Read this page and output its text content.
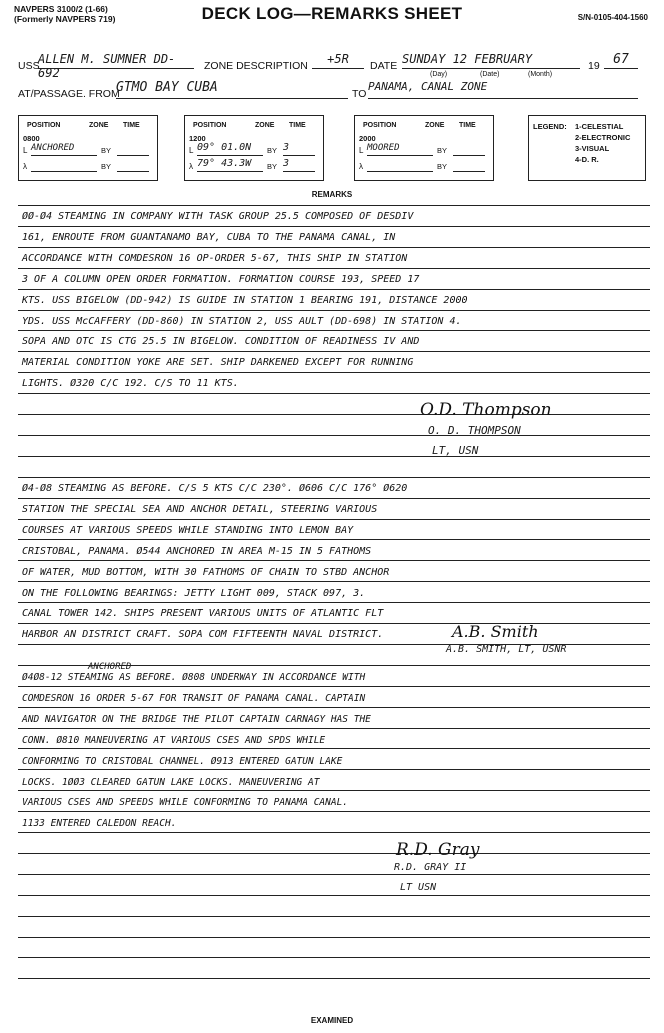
NAVPERS 3100/2 (1-66)
(Formerly NAVPERS 719)	DECK LOG—REMARKS SHEET	S/N-0105-404-1560
USS
ALLEN M. SUMNER DD-692	ZONE DESCRIPTION	+5R	DATE SUNDAY 12 FEBRUARY	19	67
(Day)	(Date)	(Month)
AT/PASSAGE. FROM
GTMO BAY CUBA	TO
PANAMA, CANAL ZONE
POSITION	ZONE TIME
0800
L ANCHORED	BY
λ	BY
POSITION	ZONE TIME
1200
L 09° 01.0N	BY 3
λ 79° 43.3W	BY 3
POSITION	ZONE TIME
2000
L MOORED	BY
λ	BY
LEGEND: 1-CELESTIAL
2-ELECTRONIC
3-VISUAL
4-D. R.
REMARKS
ØØ-Ø4 STEAMING IN COMPANY WITH TASK GROUP 25.5 COMPOSED OF DESDIV
161, ENROUTE FROM GUANTANAMO BAY, CUBA TO THE PANAMA CANAL, IN
ACCORDANCE WITH COMDESRON 16 OP-ORDER 5-67, THIS SHIP IN STATION
3 OF A COLUMN OPEN ORDER FORMATION. FORMATION COURSE 193, SPEED 17
KTS. USS BIGELOW (DD-942) IS GUIDE IN STATION 1 BEARING 191, DISTANCE 2000
YDS. USS McCAFFERY (DD-860) IN STATION 2, USS AULT (DD-698) IN STATION 4.
SOPA AND OTC IS CTG 25.5 IN BIGELOW. CONDITION OF READINESS IV AND
MATERIAL CONDITION YOKE ARE SET. SHIP DARKENED EXCEPT FOR RUNNING
LIGHTS. Ø320 C/C 192. C/S TO 11 KTS.
O.D. Thompson
O. D. THOMPSON
LT, USN
Ø4-Ø8 STEAMING AS BEFORE. C/S 5 KTS C/C 230°. Ø606 C/C 176° Ø620
STATION THE SPECIAL SEA AND ANCHOR DETAIL, STEERING VARIOUS
COURSES AT VARIOUS SPEEDS WHILE STANDING INTO LEMON BAY
CRISTOBAL, PANAMA. Ø544 ANCHORED IN AREA M-15 IN 5 FATHOMS
OF WATER, MUD BOTTOM, WITH 30 FATHOMS OF CHAIN TO STBD ANCHOR
ON THE FOLLOWING BEARINGS: JETTY LIGHT 009, STACK 097, 3.
CANAL TOWER 142. SHIPS PRESENT VARIOUS UNITS OF ATLANTIC FLT
HARBOR AN DISTRICT CRAFT. SOPA COM FIFTEENTH NAVAL DISTRICT.	A.B. Smith
A.B. SMITH, LT, USNR
ANCHORED
Ø4Ø8-12 STEAMING AS BEFORE. Ø808 UNDERWAY IN ACCORDANCE WITH
COMDESRON 16 ORDER 5-67 FOR TRANSIT OF PANAMA CANAL. CAPTAIN
AND NAVIGATOR ON THE BRIDGE THE PILOT CAPTAIN CARNAGY HAS THE
CONN. Ø810 MANEUVERING AT VARIOUS CSES AND SPDS WHILE
CONFORMING TO CRISTOBAL CHANNEL. Ø913 ENTERED GATUN LAKE
LOCKS. 1ØØ3 CLEARED GATUN LAKE LOCKS. MANEUVERING AT
VARIOUS CSES AND SPEEDS WHILE CONFORMING TO PANAMA CANAL.
1133 ENTERED CALEDON REACH.
R.D. Gray
R.D. GRAY II
LT USN
EXAMINED
